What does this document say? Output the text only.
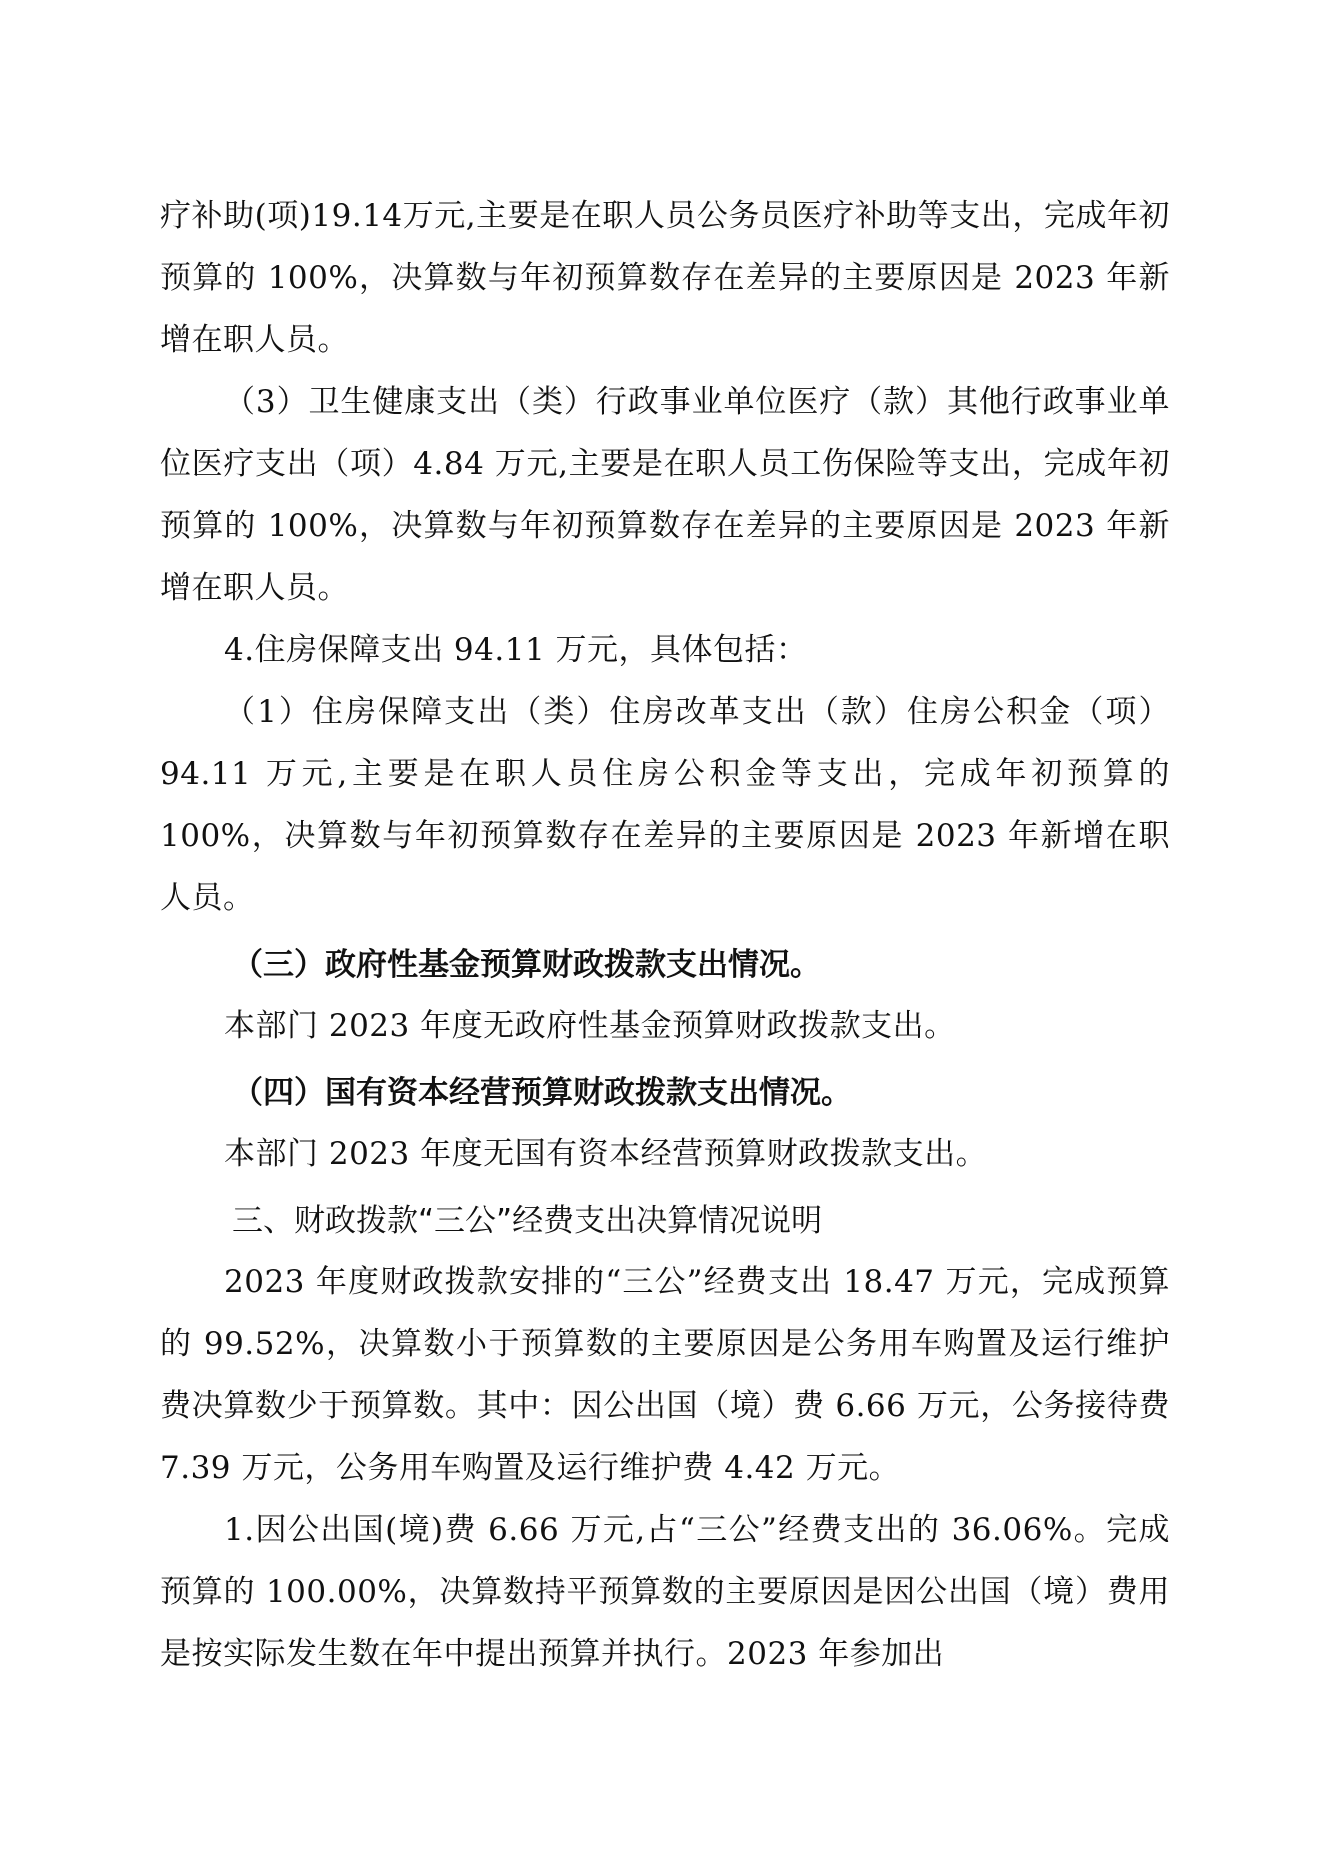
疗补助(项)19.14万元,主要是在职人员公务员医疗补助等支出，完成年初预算的 100%，决算数与年初预算数存在差异的主要原因是 2023 年新增在职人员。

（3）卫生健康支出（类）行政事业单位医疗（款）其他行政事业单位医疗支出（项）4.84 万元,主要是在职人员工伤保险等支出，完成年初预算的 100%，决算数与年初预算数存在差异的主要原因是 2023 年新增在职人员。

4.住房保障支出 94.11 万元，具体包括：

（1）住房保障支出（类）住房改革支出（款）住房公积金（项）94.11 万元,主要是在职人员住房公积金等支出，完成年初预算的 100%，决算数与年初预算数存在差异的主要原因是 2023 年新增在职人员。

（三）政府性基金预算财政拨款支出情况。

本部门 2023 年度无政府性基金预算财政拨款支出。

（四）国有资本经营预算财政拨款支出情况。

本部门 2023 年度无国有资本经营预算财政拨款支出。

三、财政拨款“三公”经费支出决算情况说明

2023 年度财政拨款安排的“三公”经费支出 18.47 万元，完成预算的 99.52%，决算数小于预算数的主要原因是公务用车购置及运行维护费决算数少于预算数。其中：因公出国（境）费 6.66 万元，公务接待费 7.39 万元，公务用车购置及运行维护费 4.42 万元。

1.因公出国(境)费 6.66 万元,占“三公”经费支出的 36.06%。完成预算的 100.00%，决算数持平预算数的主要原因是因公出国（境）费用是按实际发生数在年中提出预算并执行。2023 年参加出
